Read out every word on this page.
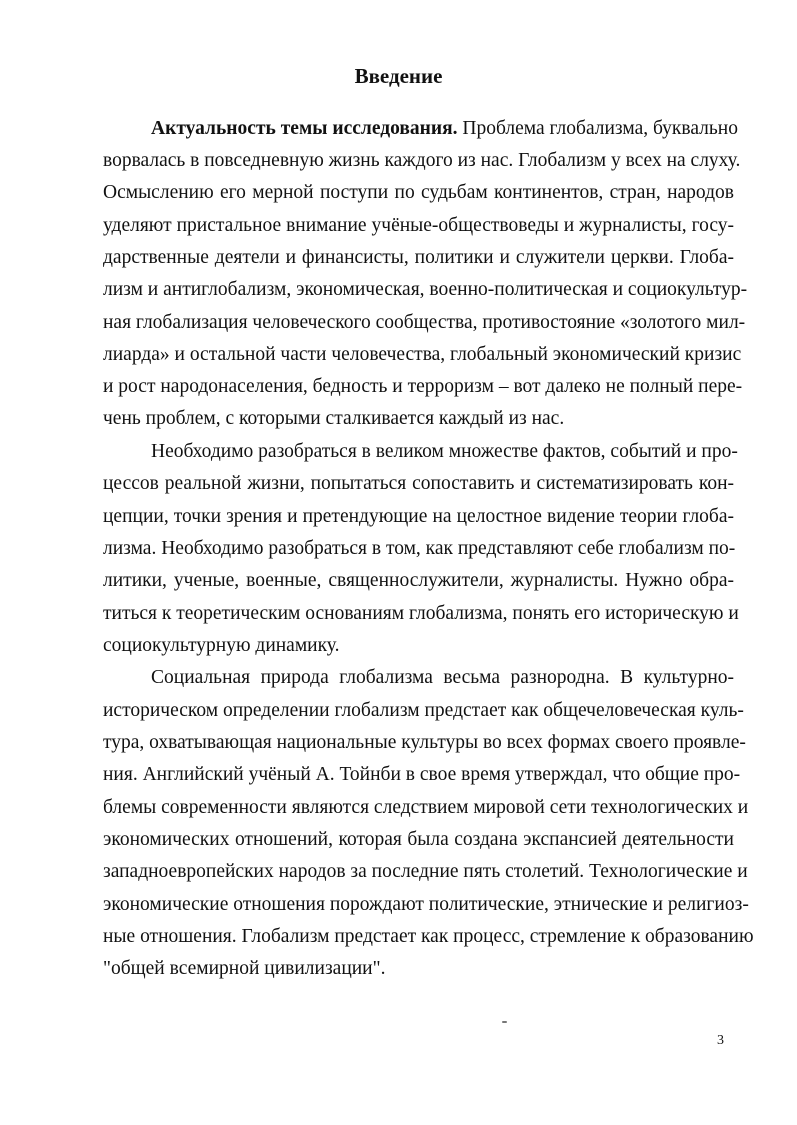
Введение
Актуальность темы исследования. Проблема глобализма, буквально
ворвалась в повседневную жизнь каждого из нас. Глобализм у всех на слуху.
Осмыслению его мерной поступи по судьбам континентов, стран, народов
уделяют пристальное внимание учёные-обществоведы и журналисты, госу-
дарственные деятели и финансисты, политики и служители церкви. Глоба-
лизм и антиглобализм, экономическая, военно-политическая и социокультур-
ная глобализация человеческого сообщества, противостояние «золотого мил-
лиарда» и остальной части человечества, глобальный экономический кризис
и рост народонаселения, бедность и терроризм – вот далеко не полный пере-
чень проблем, с которыми сталкивается каждый из нас.
Необходимо разобраться в великом множестве фактов, событий и про-
цессов реальной жизни, попытаться сопоставить и систематизировать кон-
цепции, точки зрения и претендующие на целостное видение теории глоба-
лизма. Необходимо разобраться в том, как представляют себе глобализм по-
литики, ученые, военные, священнослужители, журналисты. Нужно обра-
титься к теоретическим основаниям глобализма, понять его историческую и
социокультурную динамику.
Социальная природа глобализма весьма разнородна. В культурно-
историческом определении глобализм предстает как общечеловеческая куль-
тура, охватывающая национальные культуры во всех формах своего проявле-
ния. Английский учёный А. Тойнби в свое время утверждал, что общие про-
блемы современности являются следствием мировой сети технологических и
экономических отношений, которая была создана экспансией деятельности
западноевропейских народов за последние пять столетий. Технологические и
экономические отношения порождают политические, этнические и религиоз-
ные отношения. Глобализм предстает как процесс, стремление к образованию
"общей всемирной цивилизации".
3
